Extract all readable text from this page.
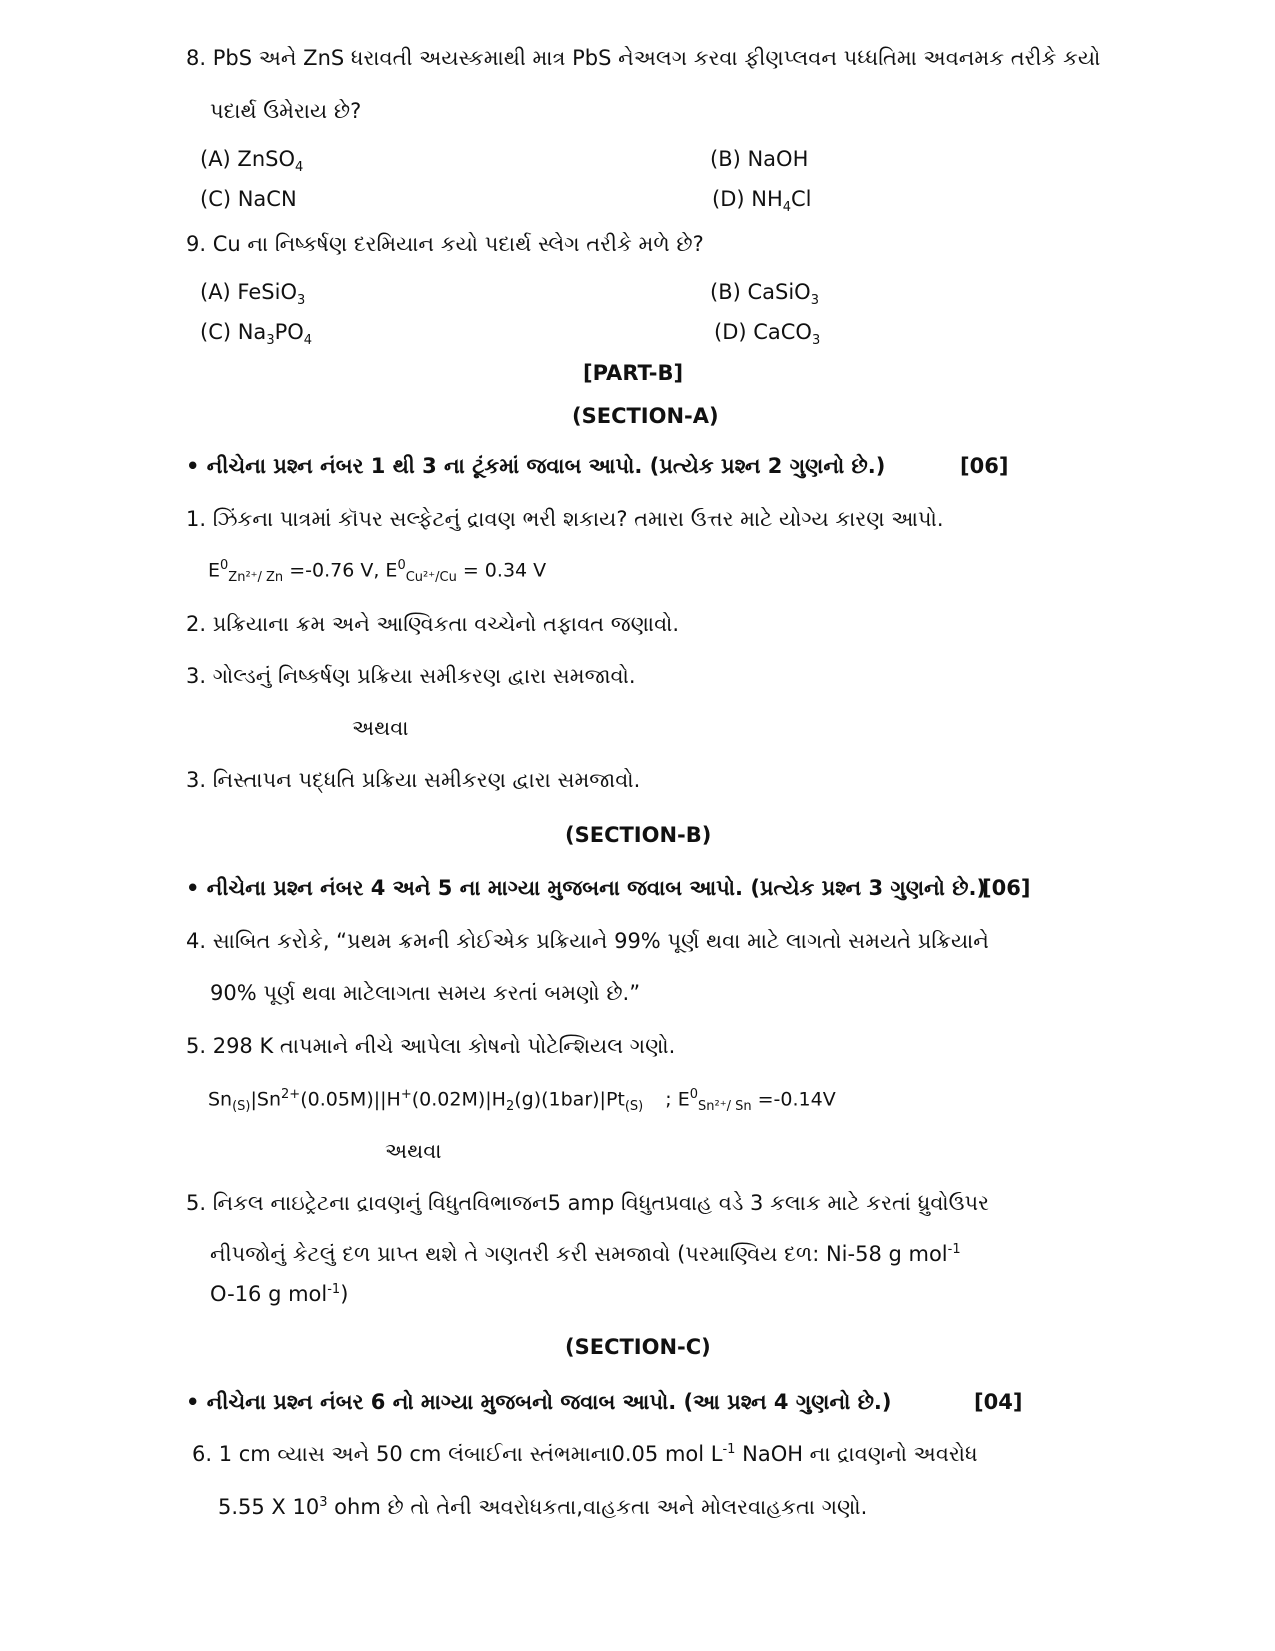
8. PbS અને ZnS ધરાવતી અયસ્કમાથી માત્ર PbS નેઅલગ કરવા ફીણપ્લવન પધ્ધતિમા અવનમક તરીકે કયો
પદાર્થ ઉમેરાય છે?
(A) ZnSO$_4$	(B) NaOH
(C) NaCN	(D) $NH_4Cl$
9. Cu ના નિષ્કર્ષણ દરમિયાન કયો પદાર્થ સ્લેગ તરીકે મળે છે?
(A) FeSiO$_3$	(B) CaSiO$_3$
(C) $Na_3PO_4$	(D) CaCO$_3$
[PART-B]
(SECTION-A)
• નીચેના પ્રશ્ન નંબર 1 થી 3 ના ટૂંકમાં જવાબ આપો. (પ્રત્યેક પ્રશ્ન 2 ગુણનો છે.)	[06]
1. ઝિંકના પાત્રમાં કૉપર સલ્ફેટનું દ્રાવણ ભરી શકાય? તમારા ઉત્તર માટે યોગ્ય કારણ આપો.
$E^0_{Zn^{2+}/ Zn} =-0.76$ V, $E^0_{Cu^{2+}/Cu} = 0.34$ V
2. પ્રક્રિયાના ક્રમ અને આણ્વિકતા વચ્ચેનો તફાવત જણાવો.
3. ગોલ્ડનું નિષ્કર્ષણ પ્રક્રિયા સમીકરણ દ્વારા સમજાવો.
અથવા
3. નિસ્તાપન પદ્ધતિ પ્રક્રિયા સમીકરણ દ્વારા સમજાવો.
(SECTION-B)
• નીચેના પ્રશ્ન નંબર 4 અને 5 ના માગ્યા મુજબના જવાબ આપો. (પ્રત્યેક પ્રશ્ન 3 ગુણનો છે.)
[06]
4. સાબિત કરોકે, “પ્રથમ ક્રમની કોઈએક પ્રક્રિયાને 99% પૂર્ણ થવા માટે લાગતો સમયતે પ્રક્રિયાને
90% પૂર્ણ થવા માટેલાગતા સમય કરતાં બમણો છે.”
5. 298 K તાપમાને નીચે આપેલા કોષનો પોટેન્શિયલ ગણો.
$Sn_{(S)}|Sn^{2+}(0.05M)||H^+(0.02M)|H_2(g)(1bar)|Pt_{(S)}$ ; $E^0_{Sn^{2+}/ Sn} =-0.14V$
અથવા
5. નિકલ નાઇટ્રેટના દ્રાવણનું વિધુતવિભાજન5 amp વિધુતપ્રવાહ વડે 3 કલાક માટે કરતાં ધ્રુવોઉપર
નીપજોનું કેટલું દળ પ્રાપ્ત થશે તે ગણતરી કરી સમજાવો (પરમાણ્વિય દળ: Ni-58 g mol$^{-1}$
O-16 g mol$^{-1}$)
(SECTION-C)
• નીચેના પ્રશ્ન નંબર 6 નો માગ્યા મુજબનો જવાબ આપો. (આ પ્રશ્ન 4 ગુણનો છે.)	[04]
6. 1 cm વ્યાસ અને 50 cm લંબાઈના સ્તંભમાના0.05 mol $L^{-1}$ NaOH ના દ્રાવણનો અવરોધ
5.55 X $10^3$ ohm છે તો તેની અવરોધકતા,વાહકતા અને મોલરવાહકતા ગણો.
